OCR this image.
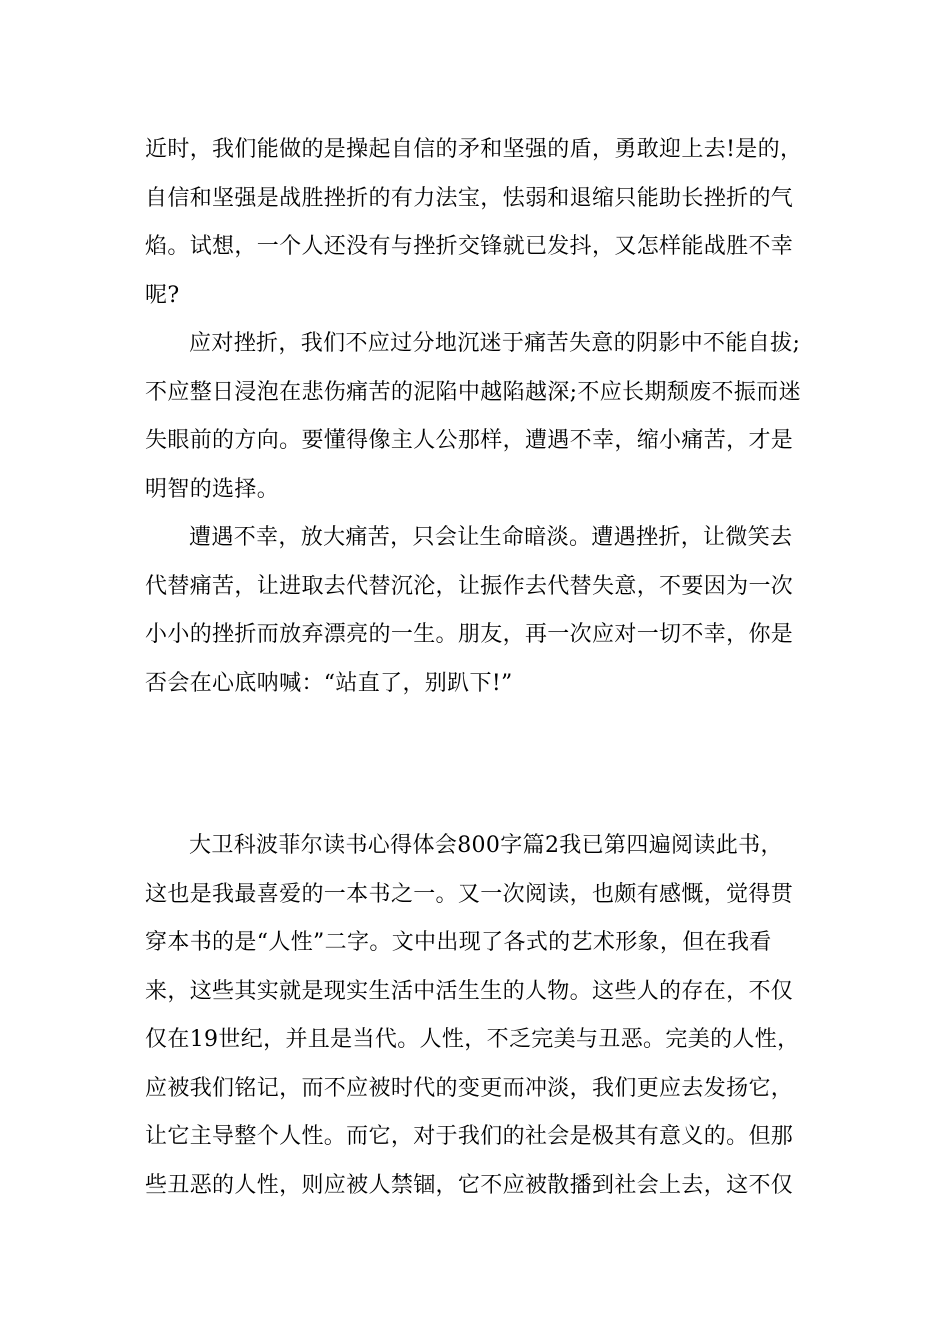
近时，我们能做的是操起自信的矛和坚强的盾，勇敢迎上去!是的，
自信和坚强是战胜挫折的有力法宝，怯弱和退缩只能助长挫折的气
焰。试想，一个人还没有与挫折交锋就已发抖，又怎样能战胜不幸
呢?
应对挫折，我们不应过分地沉迷于痛苦失意的阴影中不能自拔;
不应整日浸泡在悲伤痛苦的泥陷中越陷越深;不应长期颓废不振而迷
失眼前的方向。要懂得像主人公那样，遭遇不幸，缩小痛苦，才是
明智的选择。
遭遇不幸，放大痛苦，只会让生命暗淡。遭遇挫折，让微笑去
代替痛苦，让进取去代替沉沦，让振作去代替失意，不要因为一次
小小的挫折而放弃漂亮的一生。朋友，再一次应对一切不幸，你是
否会在心底呐喊：“站直了，别趴下!”
大卫科波菲尔读书心得体会800字篇2我已第四遍阅读此书，
这也是我最喜爱的一本书之一。又一次阅读，也颇有感慨，觉得贯
穿本书的是“人性”二字。文中出现了各式的艺术形象，但在我看
来，这些其实就是现实生活中活生生的人物。这些人的存在，不仅
仅在19世纪，并且是当代。人性，不乏完美与丑恶。完美的人性，
应被我们铭记，而不应被时代的变更而冲淡，我们更应去发扬它，
让它主导整个人性。而它，对于我们的社会是极其有意义的。但那
些丑恶的人性，则应被人禁锢，它不应被散播到社会上去，这不仅
